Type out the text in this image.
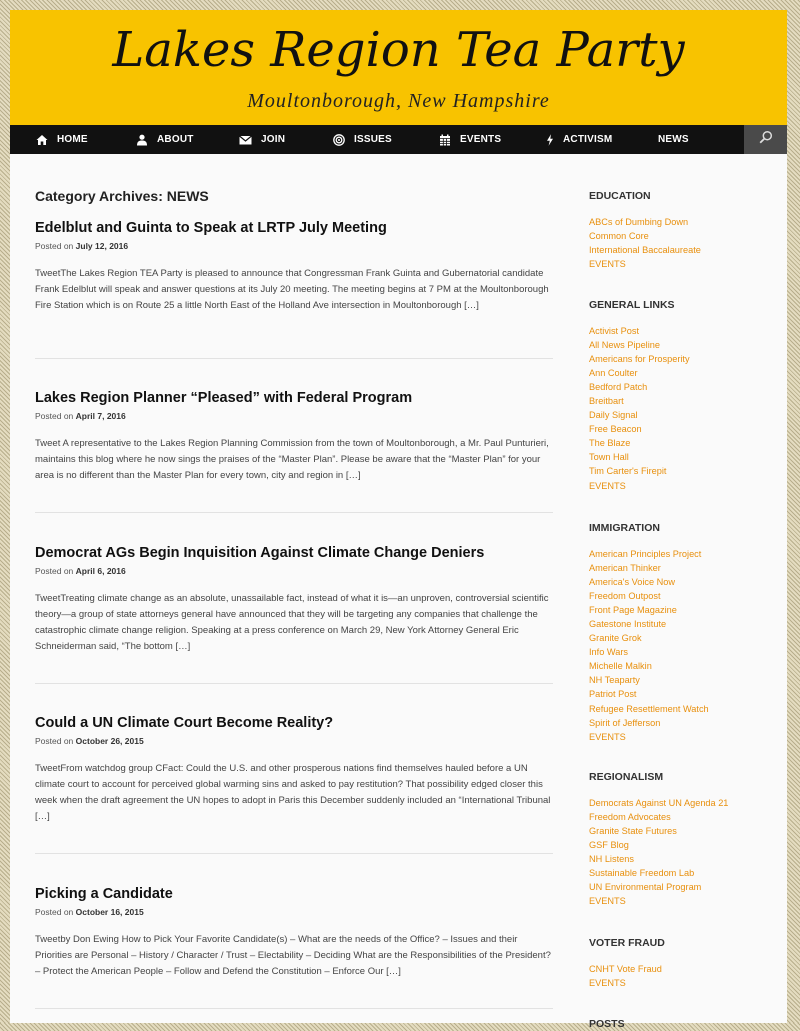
Lakes Region Tea Party
Moultonborough, New Hampshire
HOME	ABOUT	JOIN	ISSUES	EVENTS	ACTIVISM	NEWS
Category Archives: NEWS
Edelblut and Guinta to Speak at LRTP July Meeting
Posted on July 12, 2016

TweetThe Lakes Region TEA Party is pleased to announce that Congressman Frank Guinta and Gubernatorial candidate Frank Edelblut will speak and answer questions at its July 20 meeting. The meeting begins at 7 PM at the Moultonborough Fire Station which is on Route 25 a little North East of the Holland Ave intersection in Moultonborough […]

Lakes Region Planner “Pleased” with Federal Program
Posted on April 7, 2016

Tweet A representative to the Lakes Region Planning Commission from the town of Moultonborough, a Mr. Paul Punturieri, maintains this blog where he now sings the praises of the “Master Plan”. Please be aware that the “Master Plan” for your area is no different than the Master Plan for every town, city and region in […]

Democrat AGs Begin Inquisition Against Climate Change Deniers
Posted on April 6, 2016

TweetTreating climate change as an absolute, unassailable fact, instead of what it is—an unproven, controversial scientific theory—a group of state attorneys general have announced that they will be targeting any companies that challenge the catastrophic climate change religion. Speaking at a press conference on March 29, New York Attorney General Eric Schneiderman said, “The bottom […]

Could a UN Climate Court Become Reality?
Posted on October 26, 2015

TweetFrom watchdog group CFact: Could the U.S. and other prosperous nations find themselves hauled before a UN climate court to account for perceived global warming sins and asked to pay restitution? That possibility edged closer this week when the draft agreement the UN hopes to adopt in Paris this December suddenly included an “International Tribunal […]

Picking a Candidate
Posted on October 16, 2015

Tweetby Don Ewing How to Pick Your Favorite Candidate(s) – What are the needs of the Office? – Issues and their Priorities are Personal – History / Character / Trust – Electability – Deciding What are the Responsibilities of the President? – Protect the American People – Follow and Defend the Constitution – Enforce Our […]

EDUCATION
ABCs of Dumbing Down
Common Core
International Baccalaureate
EVENTS
GENERAL LINKS
Activist Post
All News Pipeline
Americans for Prosperity
Ann Coulter
Bedford Patch
Breitbart
Daily Signal
Free Beacon
The Blaze
Town Hall
Tim Carter's Firepit
EVENTS
IMMIGRATION
American Principles Project
American Thinker
America's Voice Now
Freedom Outpost
Front Page Magazine
Gatestone Institute
Granite Grok
Info Wars
Michelle Malkin
NH Teaparty
Patriot Post
Refugee Resettlement Watch
Spirit of Jefferson
EVENTS
REGIONALISM
Democrats Against UN Agenda 21
Freedom Advocates
Granite State Futures
GSF Blog
NH Listens
Sustainable Freedom Lab
UN Environmental Program
EVENTS
VOTER FRAUD
CNHT Vote Fraud
EVENTS
POSTS
